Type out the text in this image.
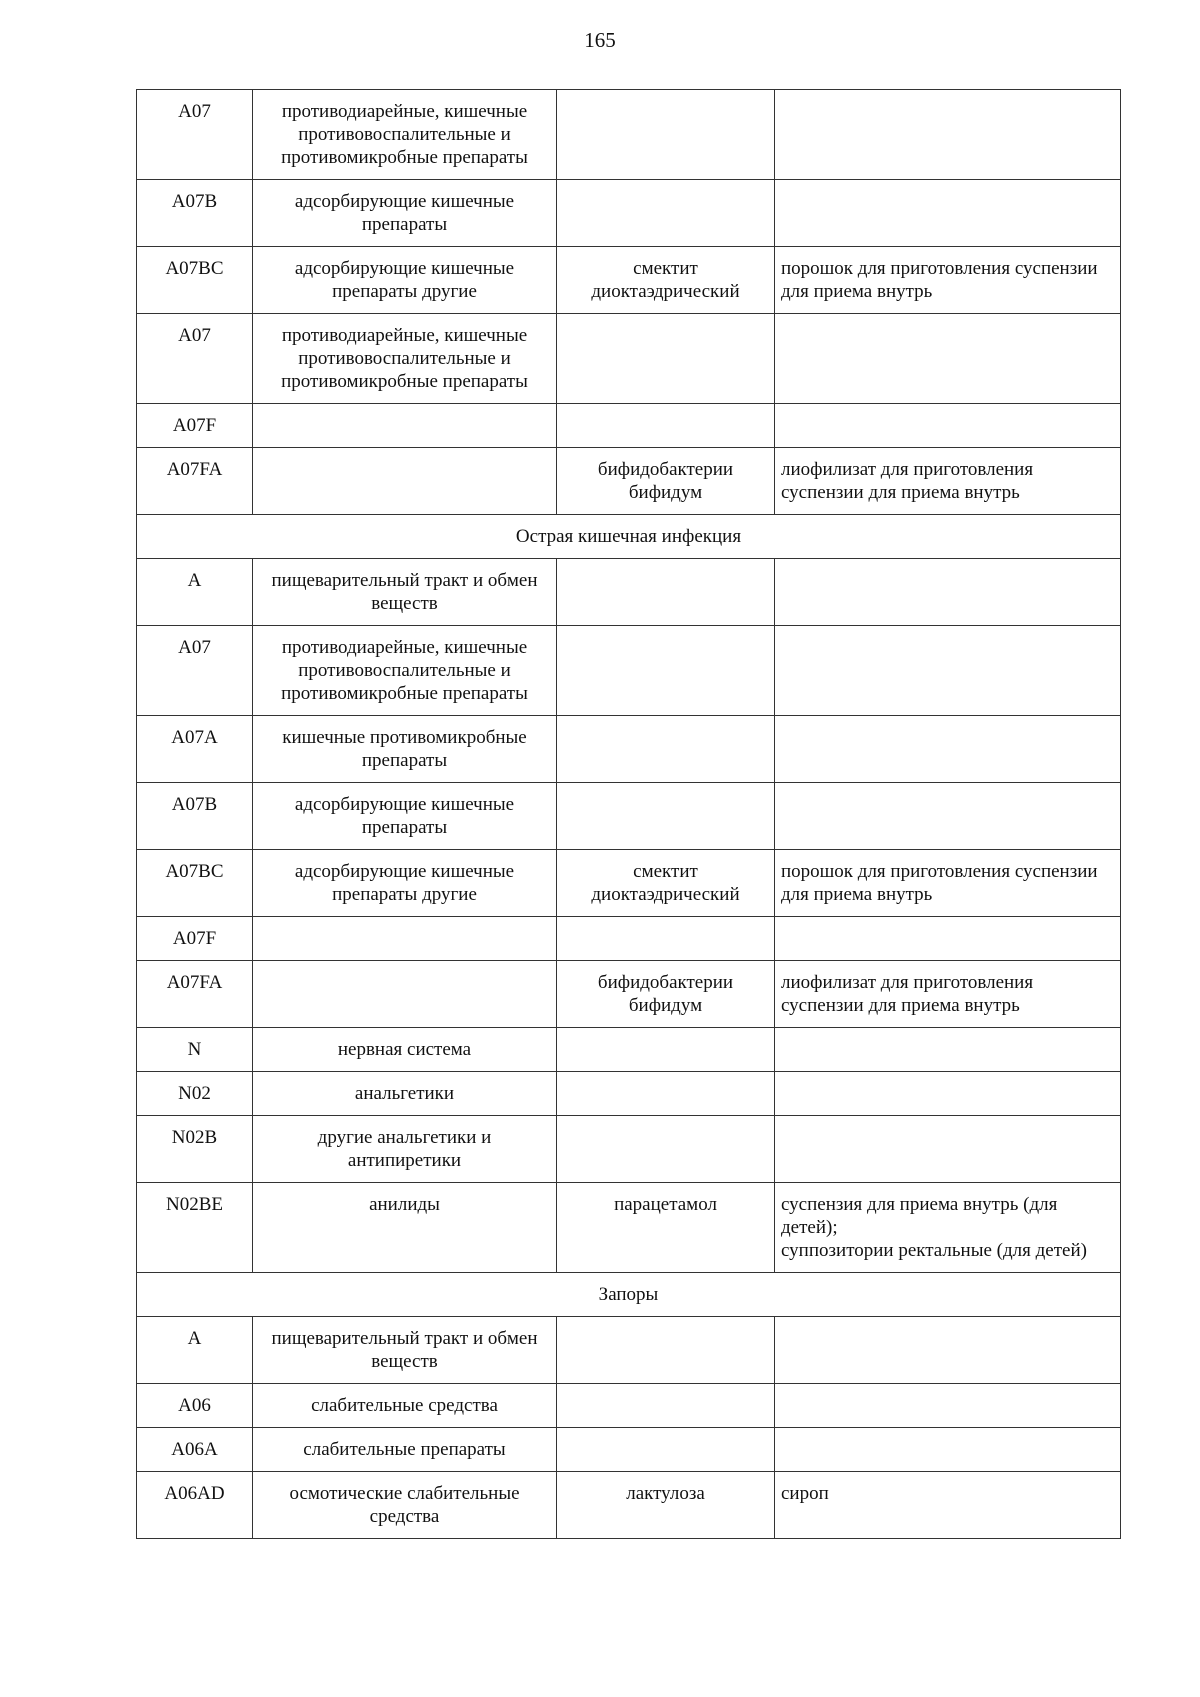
165
А07	противодиарейные, кишечные противовоспалительные и противомикробные препараты		
А07В	адсорбирующие кишечные препараты		
А07ВС	адсорбирующие кишечные препараты другие	смектит диоктаэдрический	порошок для приготовления суспензии для приема внутрь
А07	противодиарейные, кишечные противовоспалительные и противомикробные препараты		
А07F			
А07FA		бифидобактерии бифидум	лиофилизат для приготовления суспензии для приема внутрь
Острая кишечная инфекция			
А	пищеварительный тракт и обмен веществ		
А07	противодиарейные, кишечные противовоспалительные и противомикробные препараты		
А07А	кишечные противомикробные препараты		
А07В	адсорбирующие кишечные препараты		
А07ВС	адсорбирующие кишечные препараты другие	смектит диоктаэдрический	порошок для приготовления суспензии для приема внутрь
А07F			
А07FA		бифидобактерии бифидум	лиофилизат для приготовления суспензии для приема внутрь
N	нервная система		
N02	анальгетики		
N02B	другие анальгетики и антипиретики		
N02BE	анилиды	парацетамол	суспензия для приема внутрь (для детей);
суппозитории ректальные (для детей)
Запоры			
А	пищеварительный тракт и обмен веществ		
А06	слабительные средства		
А06А	слабительные препараты		
А06AD	осмотические слабительные средства	лактулоза	сироп
